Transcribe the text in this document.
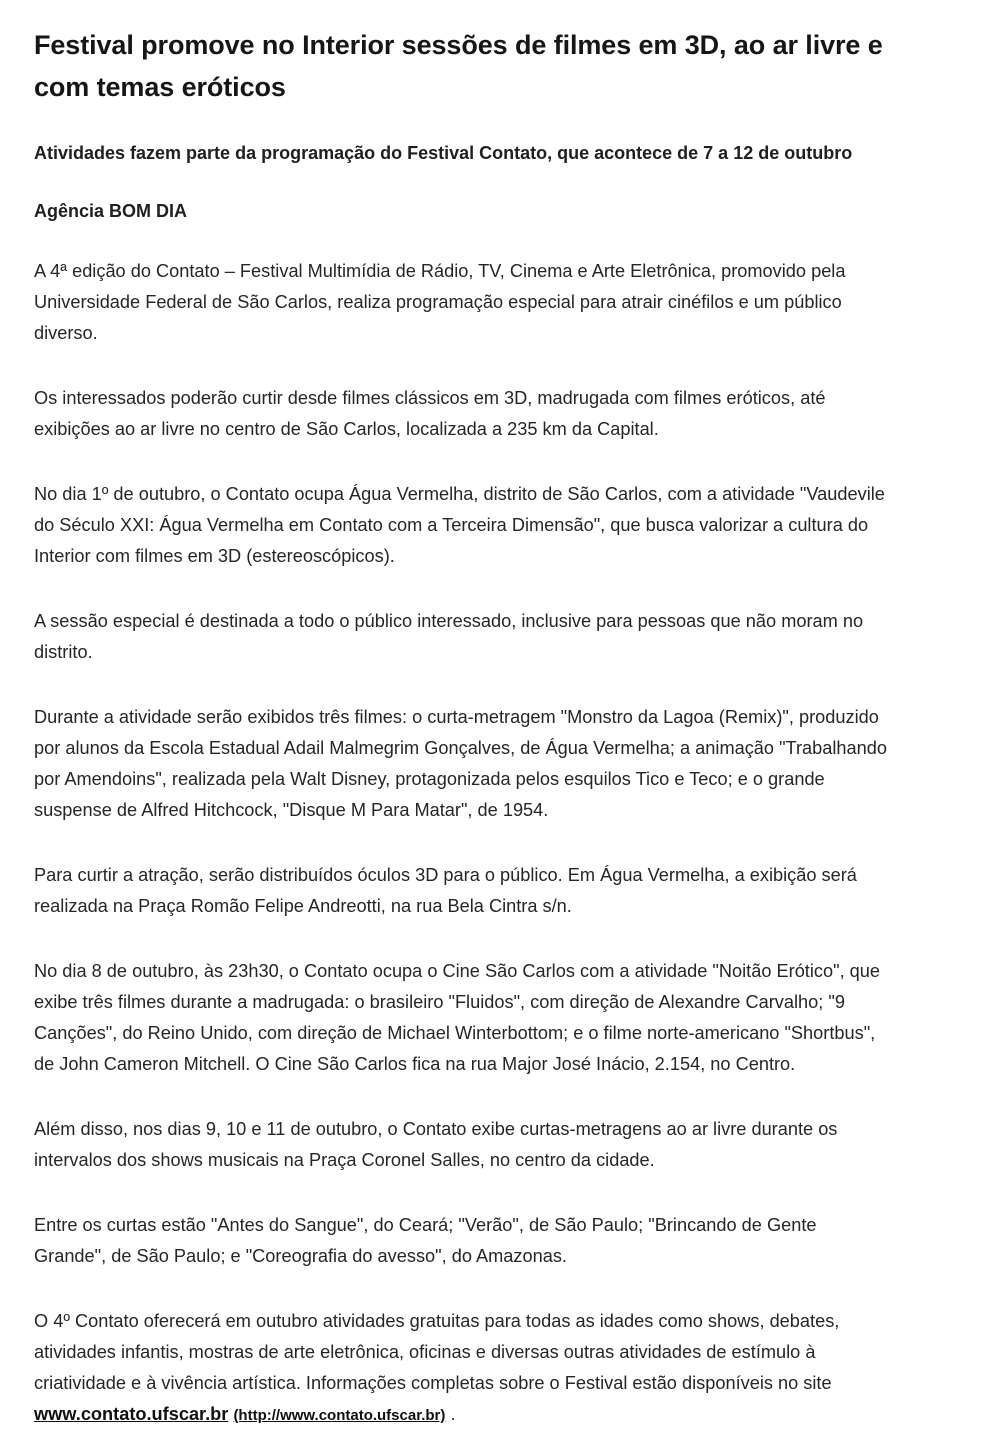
Festival promove no Interior sessões de filmes em 3D, ao ar livre e
com temas eróticos
Atividades fazem parte da programação do Festival Contato, que acontece de 7 a 12 de outubro
Agência BOM DIA

A 4ª edição do Contato – Festival Multimídia de Rádio, TV, Cinema e Arte Eletrônica, promovido pela
Universidade Federal de São Carlos, realiza programação especial para atrair cinéfilos e um público
diverso.

Os interessados poderão curtir desde filmes clássicos em 3D, madrugada com filmes eróticos, até
exibições ao ar livre no centro de São Carlos, localizada a 235 km da Capital.

No dia 1º de outubro, o Contato ocupa Água Vermelha, distrito de São Carlos, com a atividade "Vaudevile
do Século XXI: Água Vermelha em Contato com a Terceira Dimensão", que busca valorizar a cultura do
Interior com filmes em 3D (estereoscópicos).

A sessão especial é destinada a todo o público interessado, inclusive para pessoas que não moram no
distrito.

Durante a atividade serão exibidos três filmes: o curta-metragem "Monstro da Lagoa (Remix)", produzido
por alunos da Escola Estadual Adail Malmegrim Gonçalves, de Água Vermelha; a animação "Trabalhando
por Amendoins", realizada pela Walt Disney, protagonizada pelos esquilos Tico e Teco; e o grande
suspense de Alfred Hitchcock, "Disque M Para Matar", de 1954.

Para curtir a atração, serão distribuídos óculos 3D para o público. Em Água Vermelha, a exibição será
realizada na Praça Romão Felipe Andreotti, na rua Bela Cintra s/n.

No dia 8 de outubro, às 23h30, o Contato ocupa o Cine São Carlos com a atividade "Noitão Erótico", que
exibe três filmes durante a madrugada: o brasileiro "Fluidos", com direção de Alexandre Carvalho; "9
Canções", do Reino Unido, com direção de Michael Winterbottom; e o filme norte-americano "Shortbus",
de John Cameron Mitchell. O Cine São Carlos fica na rua Major José Inácio, 2.154, no Centro.

Além disso, nos dias 9, 10 e 11 de outubro, o Contato exibe curtas-metragens ao ar livre durante os
intervalos dos shows musicais na Praça Coronel Salles, no centro da cidade.

Entre os curtas estão "Antes do Sangue", do Ceará; "Verão", de São Paulo; "Brincando de Gente
Grande", de São Paulo; e "Coreografia do avesso", do Amazonas.

O 4º Contato oferecerá em outubro atividades gratuitas para todas as idades como shows, debates,
atividades infantis, mostras de arte eletrônica, oficinas e diversas outras atividades de estímulo à
criatividade e à vivência artística. Informações completas sobre o Festival estão disponíveis no site
www.contato.ufscar.br (http://www.contato.ufscar.br) .
